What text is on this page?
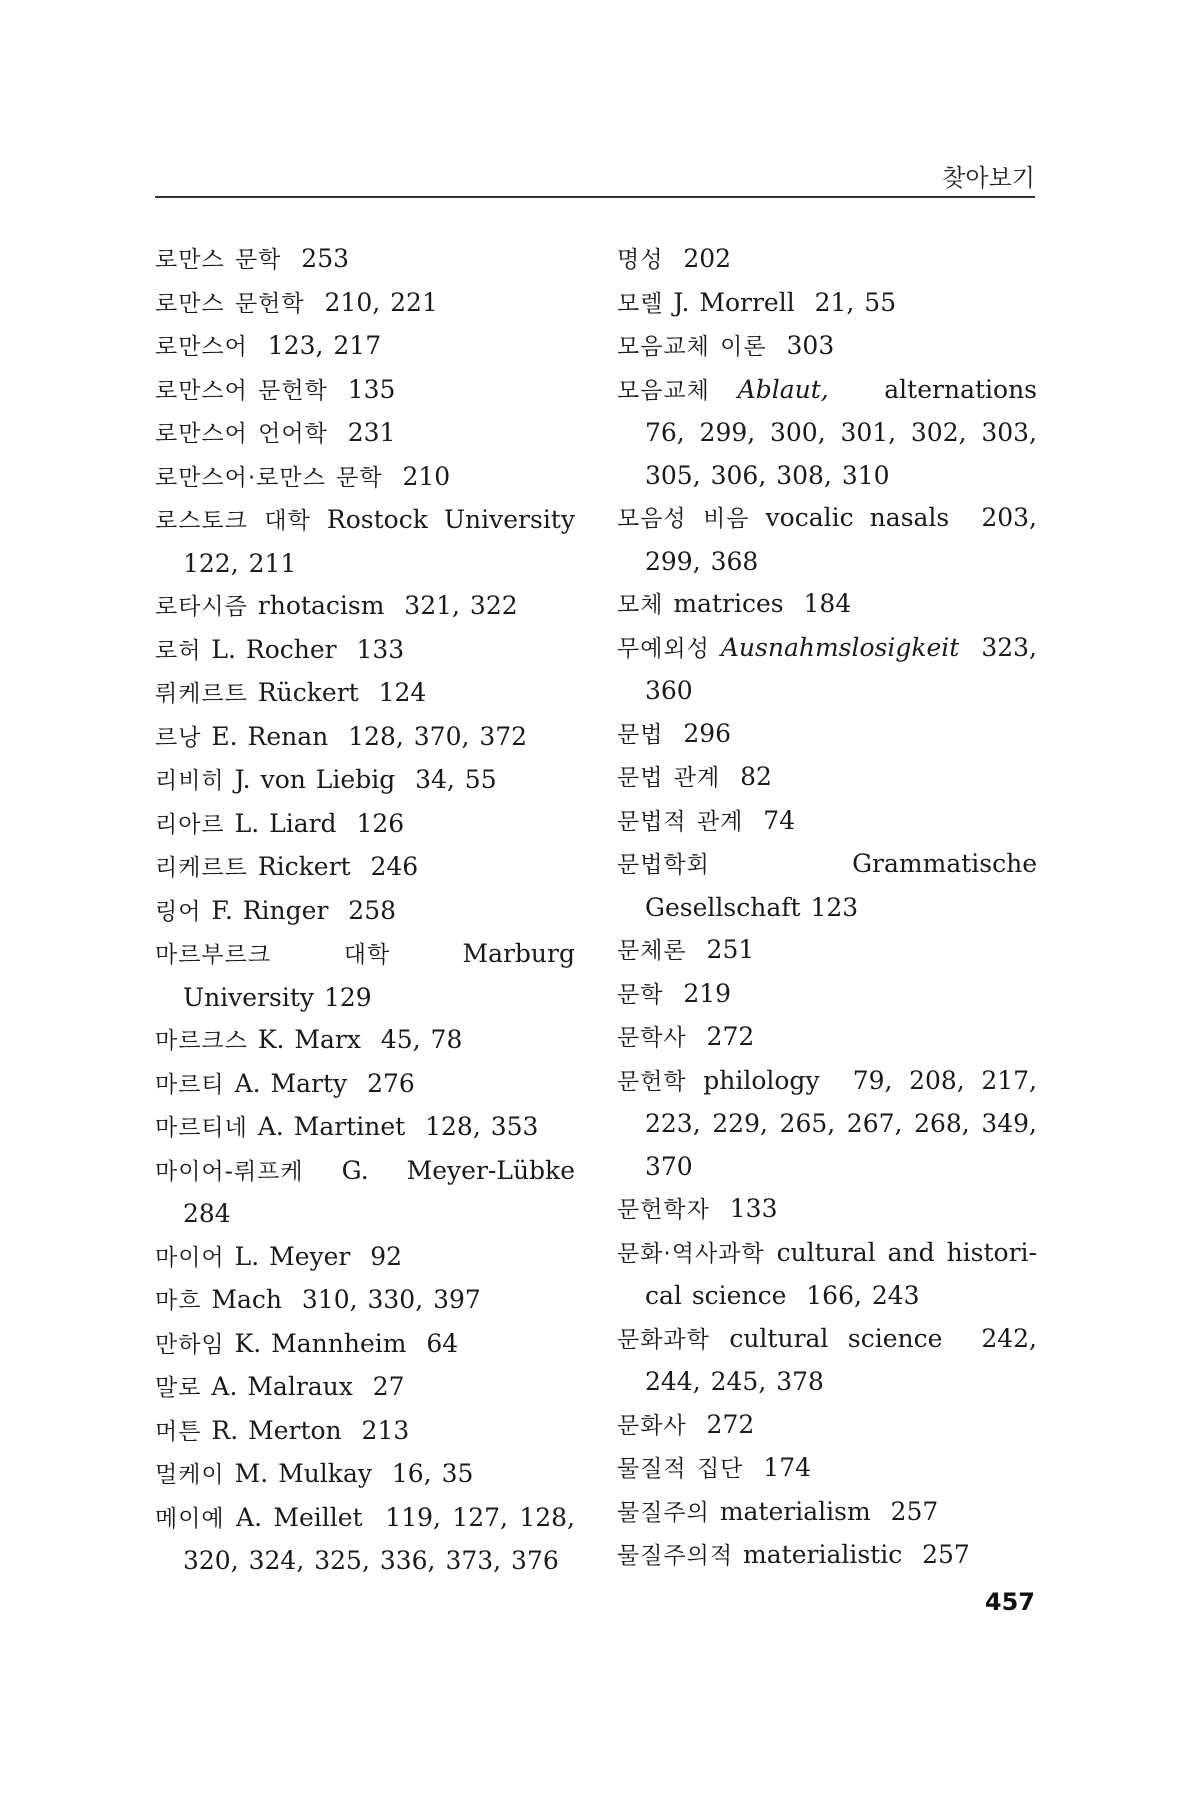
찾아보기
로만스 문학  253
로만스 문헌학  210, 221
로만스어  123, 217
로만스어 문헌학  135
로만스어 언어학  231
로만스어·로만스 문학  210
로스토크 대학 Rostock University 122, 211
로타시즘 rhotacism  321, 322
로허 L. Rocher  133
뤼케르트 Rückert  124
르낭 E. Renan  128, 370, 372
리비히 J. von Liebig  34, 55
리아르 L. Liard  126
리케르트 Rickert  246
링어 F. Ringer  258
마르부르크 대학 Marburg University 129
마르크스 K. Marx  45, 78
마르티 A. Marty  276
마르티네 A. Martinet  128, 353
마이어-뤼프케 G. Meyer-Lübke  284
마이어 L. Meyer  92
마흐 Mach  310, 330, 397
만하임 K. Mannheim  64
말로 A. Malraux  27
머튼 R. Merton  213
멀케이 M. Mulkay  16, 35
메이예 A. Meillet  119, 127, 128, 320, 324, 325, 336, 373, 376
명성  202
모렐 J. Morrell  21, 55
모음교체 이론  303
모음교체 Ablaut,  alternations  76, 299, 300, 301, 302, 303, 305, 306, 308, 310
모음성 비음 vocalic nasals  203, 299, 368
모체 matrices  184
무예외성 Ausnahmslosigkeit  323, 360
문법  296
문법 관계  82
문법적 관계  74
문법학회 Grammatische Gesellschaft 123
문체론  251
문학  219
문학사  272
문헌학 philology  79, 208, 217, 223, 229, 265, 267, 268, 349, 370
문헌학자  133
문화·역사과학 cultural and histori-cal science  166, 243
문화과학 cultural science  242, 244, 245, 378
문화사  272
물질적 집단  174
물질주의 materialism  257
물질주의적 materialistic  257
457
